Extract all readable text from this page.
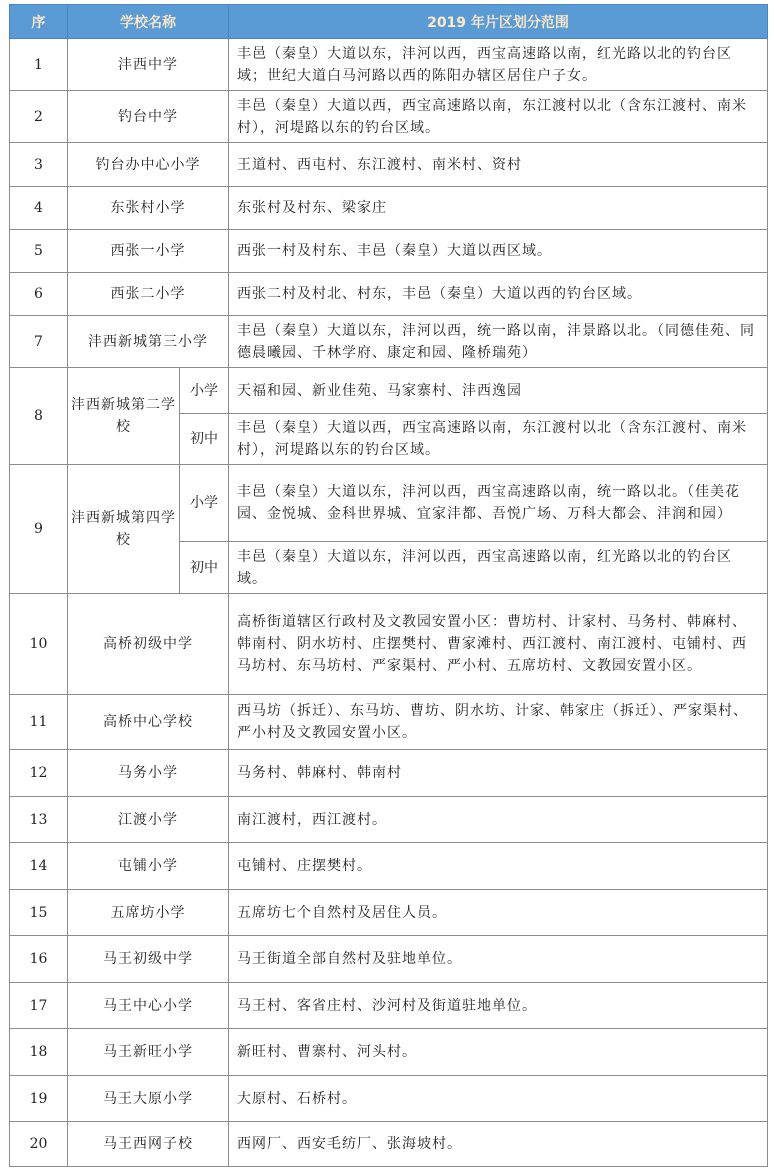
序	学校名称		2019 年片区划分范围
1	沣西中学		丰邑（秦皇）大道以东，沣河以西，西宝高速路以南，红光路以北的钓台区域；世纪大道白马河路以西的陈阳办辖区居住户子女。
2	钓台中学		丰邑（秦皇）大道以西，西宝高速路以南，东江渡村以北（含东江渡村、南米村），河堤路以东的钓台区域。
3	钓台办中心小学		王道村、西屯村、东江渡村、南米村、资村
4	东张村小学		东张村及村东、梁家庄
5	西张一小学		西张一村及村东、丰邑（秦皇）大道以西区域。
6	西张二小学		西张二村及村北、村东，丰邑（秦皇）大道以西的钓台区域。
7	沣西新城第三小学		丰邑（秦皇）大道以东，沣河以西，统一路以南，沣景路以北。（同德佳苑、同德晨曦园、千林学府、康定和园、隆桥瑞苑）
8	沣西新城第二学校	小学	天福和园、新业佳苑、马家寨村、沣西逸园
		初中	丰邑（秦皇）大道以西，西宝高速路以南，东江渡村以北（含东江渡村、南米村），河堤路以东的钓台区域。
9	沣西新城第四学校	小学	丰邑（秦皇）大道以东，沣河以西，西宝高速路以南，统一路以北。（佳美花园、金悦城、金科世界城、宜家沣都、吾悦广场、万科大都会、沣润和园）
		初中	丰邑（秦皇）大道以东，沣河以西，西宝高速路以南，红光路以北的钓台区域。
10	高桥初级中学		高桥街道辖区行政村及文教园安置小区：曹坊村、计家村、马务村、韩麻村、韩南村、阴水坊村、庄摆樊村、曹家滩村、西江渡村、南江渡村、屯铺村、西马坊村、东马坊村、严家渠村、严小村、五席坊村、文教园安置小区。
11	高桥中心学校		西马坊（拆迁）、东马坊、曹坊、阴水坊、计家、韩家庄（拆迁）、严家渠村、严小村及文教园安置小区。
12	马务小学		马务村、韩麻村、韩南村
13	江渡小学		南江渡村，西江渡村。
14	屯铺小学		屯铺村、庄摆樊村。
15	五席坊小学		五席坊七个自然村及居住人员。
16	马王初级中学		马王街道全部自然村及驻地单位。
17	马王中心小学		马王村、客省庄村、沙河村及街道驻地单位。
18	马王新旺小学		新旺村、曹寨村、河头村。
19	马王大原小学		大原村、石桥村。
20	马王西网子校		西网厂、西安毛纺厂、张海坡村。
